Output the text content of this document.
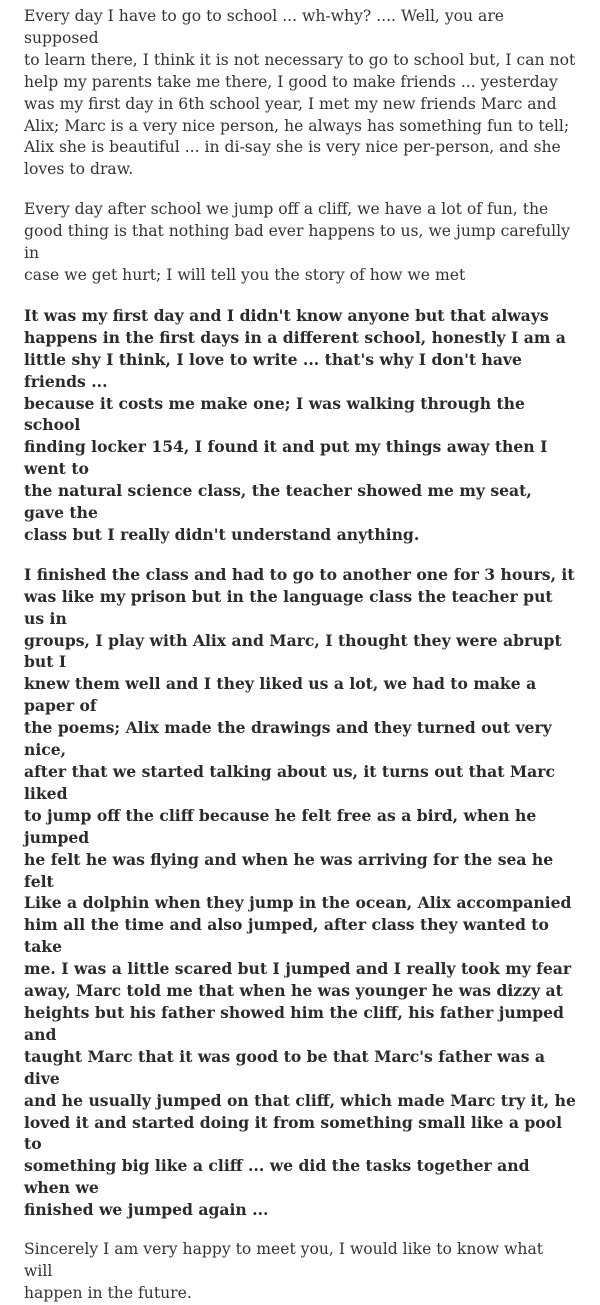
Every day I have to go to school ... wh-why? .... Well, you are supposed
to learn there, I think it is not necessary to go to school but, I can not
help my parents take me there, I good to make friends ... yesterday
was my first day in 6th school year, I met my new friends Marc and
Alix; Marc is a very nice person, he always has something fun to tell;
Alix she is beautiful ... in di-say she is very nice per-person, and she
loves to draw.

Every day after school we jump off a cliff, we have a lot of fun, the
good thing is that nothing bad ever happens to us, we jump carefully in
case we get hurt; I will tell you the story of how we met

It was my first day and I didn't know anyone but that always
happens in the first days in a different school, honestly I am a
little shy I think, I love to write ... that's why I don't have friends ...
because it costs me make one; I was walking through the school
finding locker 154, I found it and put my things away then I went to
the natural science class, the teacher showed me my seat, gave the
class but I really didn't understand anything.

I finished the class and had to go to another one for 3 hours, it
was like my prison but in the language class the teacher put us in
groups, I play with Alix and Marc, I thought they were abrupt but I
knew them well and I they liked us a lot, we had to make a paper of
the poems; Alix made the drawings and they turned out very nice,
after that we started talking about us, it turns out that Marc liked
to jump off the cliff because he felt free as a bird, when he jumped
he felt he was flying and when he was arriving for the sea he felt
Like a dolphin when they jump in the ocean, Alix accompanied
him all the time and also jumped, after class they wanted to take
me. I was a little scared but I jumped and I really took my fear
away, Marc told me that when he was younger he was dizzy at
heights but his father showed him the cliff, his father jumped and
taught Marc that it was good to be that Marc's father was a dive
and he usually jumped on that cliff, which made Marc try it, he
loved it and started doing it from something small like a pool to
something big like a cliff ... we did the tasks together and when we
finished we jumped again ...

Sincerely I am very happy to meet you, I would like to know what will
happen in the future.
